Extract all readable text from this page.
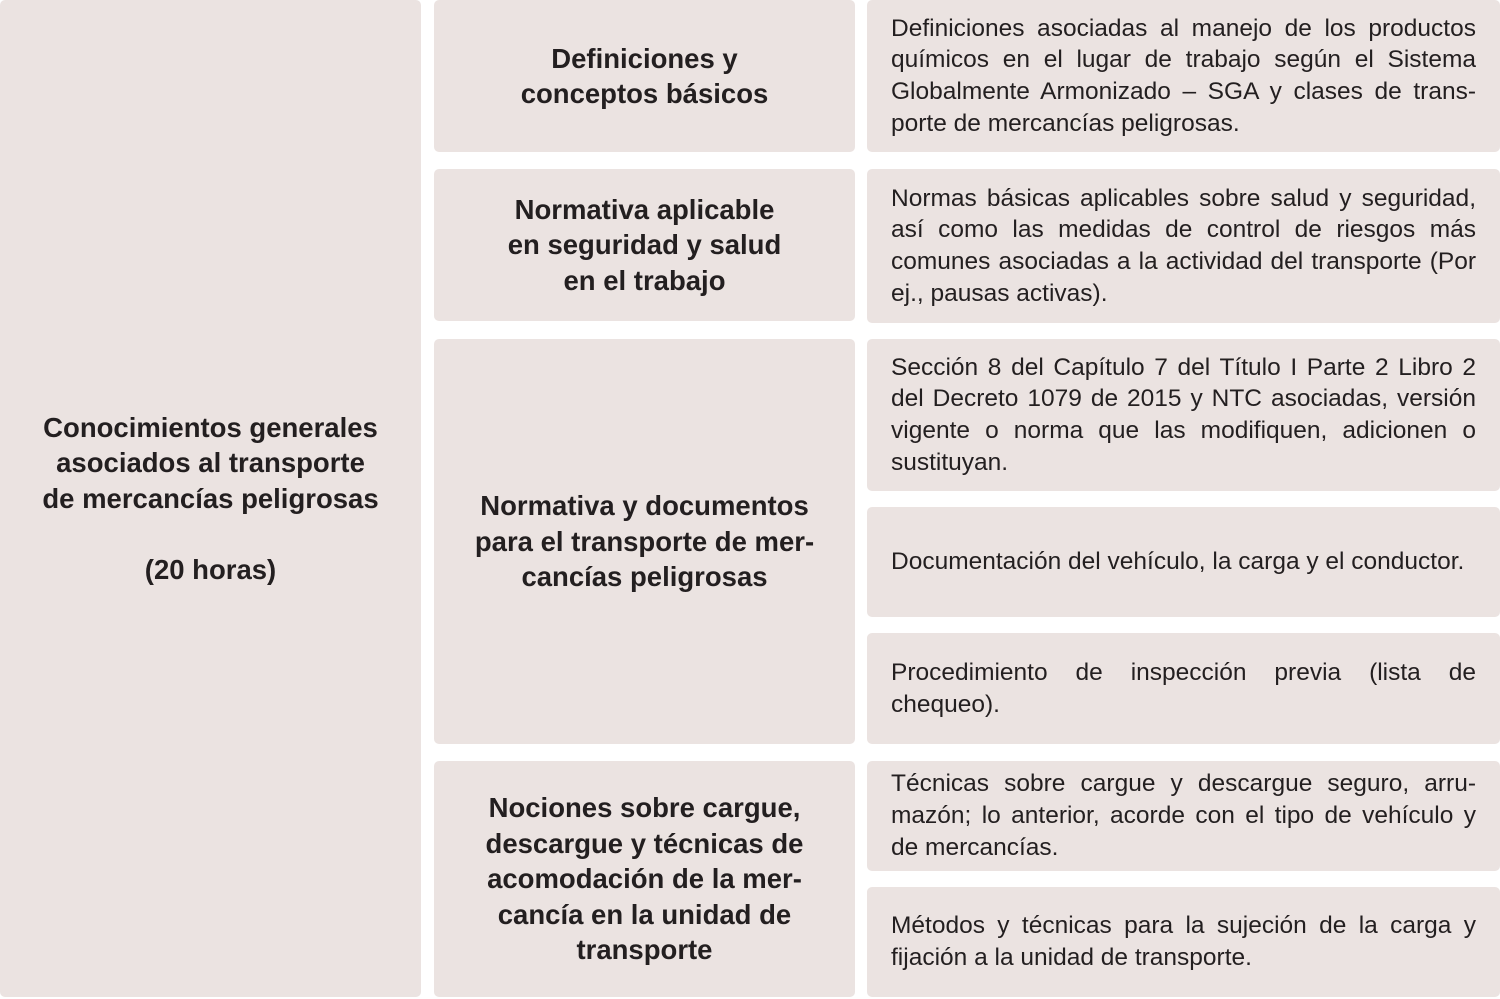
Conocimientos generales
asociados al transporte
de mercancías peligrosas
(20 horas)
Definiciones y
conceptos básicos
Definiciones asociadas al manejo de los productos químicos en el lugar de trabajo según el Sistema Globalmente Armonizado – SGA y clases de transporte de mercancías peligrosas.
Normativa aplicable
en seguridad y salud
en el trabajo
Normas básicas aplicables sobre salud y seguridad, así como las medidas de control de riesgos más comunes asociadas a la actividad del transporte (Por ej., pausas activas).
Normativa y documentos
para el transporte de mer-
cancías peligrosas
Sección 8 del Capítulo 7 del Título I Parte 2 Libro 2 del Decreto 1079 de 2015 y NTC asociadas, versión vigente o norma que las modifiquen, adicionen o sustituyan.
Documentación del vehículo, la carga y el conductor.
Procedimiento de inspección previa (lista de chequeo).
Nociones sobre cargue,
descargue y técnicas de
acomodación de la mer-
cancía en la unidad de
transporte
Técnicas sobre cargue y descargue seguro, arrumazón; lo anterior, acorde con el tipo de vehículo y de mercancías.
Métodos y técnicas para la sujeción de la carga y fijación a la unidad de transporte.
